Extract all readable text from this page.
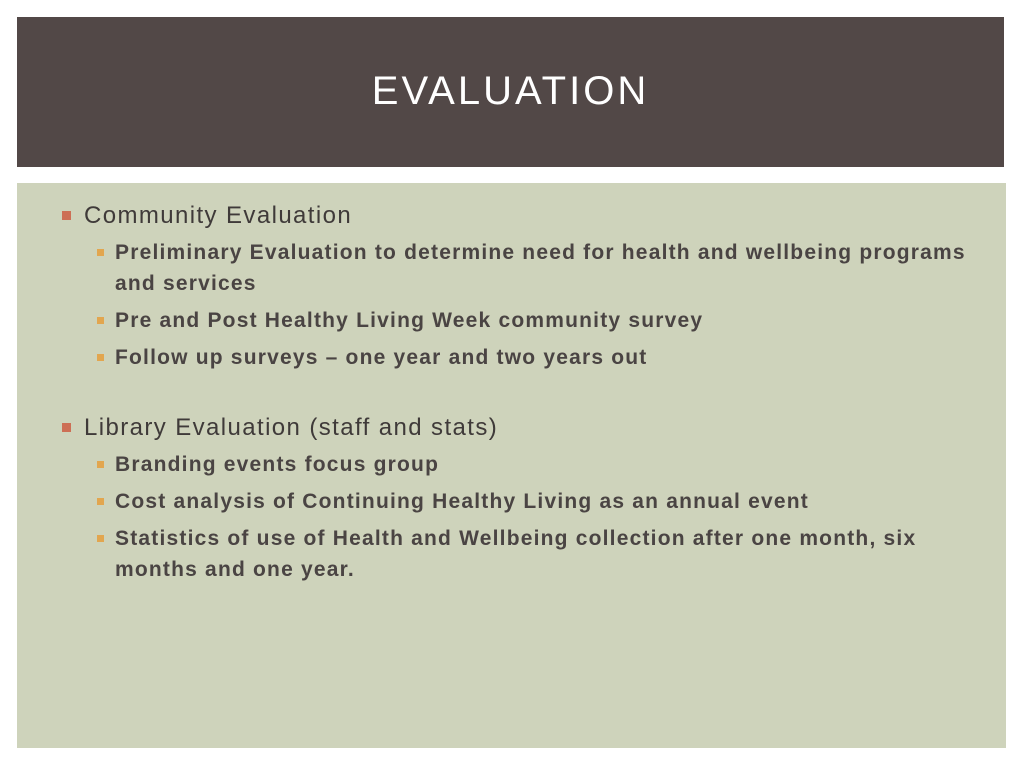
EVALUATION
Community Evaluation
Preliminary Evaluation to determine need for health and wellbeing programs and services
Pre and Post Healthy Living Week community survey
Follow up surveys – one year and two years out
Library Evaluation (staff and stats)
Branding events focus group
Cost analysis of Continuing Healthy Living as an annual event
Statistics of use of Health and Wellbeing collection after one month, six months and one year.
